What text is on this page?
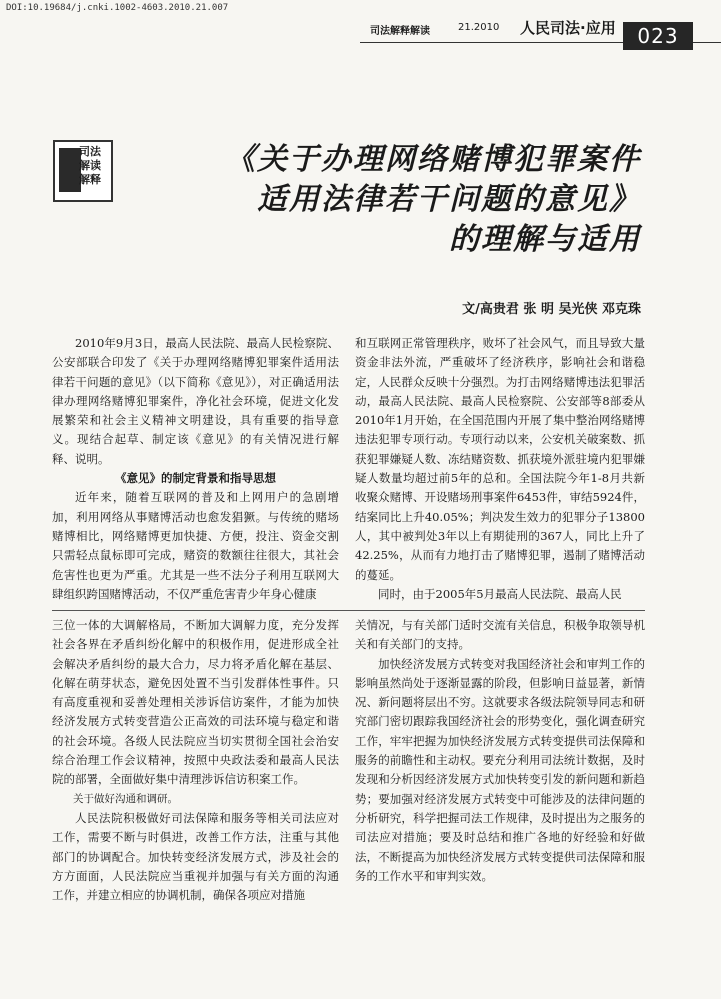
DOI:10.19684/j.cnki.1002-4603.2010.21.007
司法解释解读	21.2010 人民司法·应用	023
司法
解读
解释
《关于办理网络赌博犯罪案件
适用法律若干问题的意见》
的理解与适用
文/高贵君 张 明 吴光侠 邓克珠

2010年9月3日，最高人民法院、最高人民检察院、公安部联合印发了《关于办理网络赌博犯罪案件适用法律若干问题的意见》（以下简称《意见》），对正确适用法律办理网络赌博犯罪案件，净化社会环境，促进文化发展繁荣和社会主义精神文明建设，具有重要的指导意义。现结合起草、制定该《意见》的有关情况进行解释、说明。

《意见》的制定背景和指导思想

近年来，随着互联网的普及和上网用户的急剧增加，利用网络从事赌博活动也愈发猖獗。与传统的赌场赌博相比，网络赌博更加快捷、方便，投注、资金交割只需轻点鼠标即可完成，赌资的数额往往很大，其社会危害性也更为严重。尤其是一些不法分子利用互联网大肆组织跨国赌博活动，不仅严重危害青少年身心健康

和互联网正常管理秩序，败坏了社会风气，而且导致大量资金非法外流，严重破坏了经济秩序，影响社会和谐稳定，人民群众反映十分强烈。为打击网络赌博违法犯罪活动，最高人民法院、最高人民检察院、公安部等8部委从2010年1月开始，在全国范围内开展了集中整治网络赌博违法犯罪专项行动。专项行动以来，公安机关破案数、抓获犯罪嫌疑人数、冻结赌资数、抓获境外派驻境内犯罪嫌疑人数量均超过前5年的总和。全国法院今年1-8月共新收聚众赌博、开设赌场刑事案件6453件，审结5924件，结案同比上升40.05%；判决发生效力的犯罪分子13800人，其中被判处3年以上有期徒刑的367人，同比上升了42.25%，从而有力地打击了赌博犯罪，遏制了赌博活动的蔓延。

同时，由于2005年5月最高人民法院、最高人民

三位一体的大调解格局，不断加大调解力度，充分发挥社会各界在矛盾纠纷化解中的积极作用，促进形成全社会解决矛盾纠纷的最大合力，尽力将矛盾化解在基层、化解在萌芽状态，避免因处置不当引发群体性事件。只有高度重视和妥善处理相关涉诉信访案件，才能为加快经济发展方式转变营造公正高效的司法环境与稳定和谐的社会环境。各级人民法院应当切实贯彻全国社会治安综合治理工作会议精神，按照中央政法委和最高人民法院的部署，全面做好集中清理涉诉信访积案工作。

关于做好沟通和调研。

人民法院积极做好司法保障和服务等相关司法应对工作，需要不断与时俱进，改善工作方法，注重与其他部门的协调配合。加快转变经济发展方式，涉及社会的方方面面，人民法院应当重视并加强与有关方面的沟通工作，并建立相应的协调机制，确保各项应对措施

关情况，与有关部门适时交流有关信息，积极争取领导机关和有关部门的支持。

加快经济发展方式转变对我国经济社会和审判工作的影响虽然尚处于逐渐显露的阶段，但影响日益显著，新情况、新问题将层出不穷。这就要求各级法院领导同志和研究部门密切跟踪我国经济社会的形势变化，强化调查研究工作，牢牢把握为加快经济发展方式转变提供司法保障和服务的前瞻性和主动权。要充分利用司法统计数据，及时发现和分析因经济发展方式加快转变引发的新问题和新趋势；要加强对经济发展方式转变中可能涉及的法律问题的分析研究，科学把握司法工作规律，及时提出为之服务的司法应对措施；要及时总结和推广各地的好经验和好做法，不断提高为加快经济发展方式转变提供司法保障和服务的工作水平和审判实效。
